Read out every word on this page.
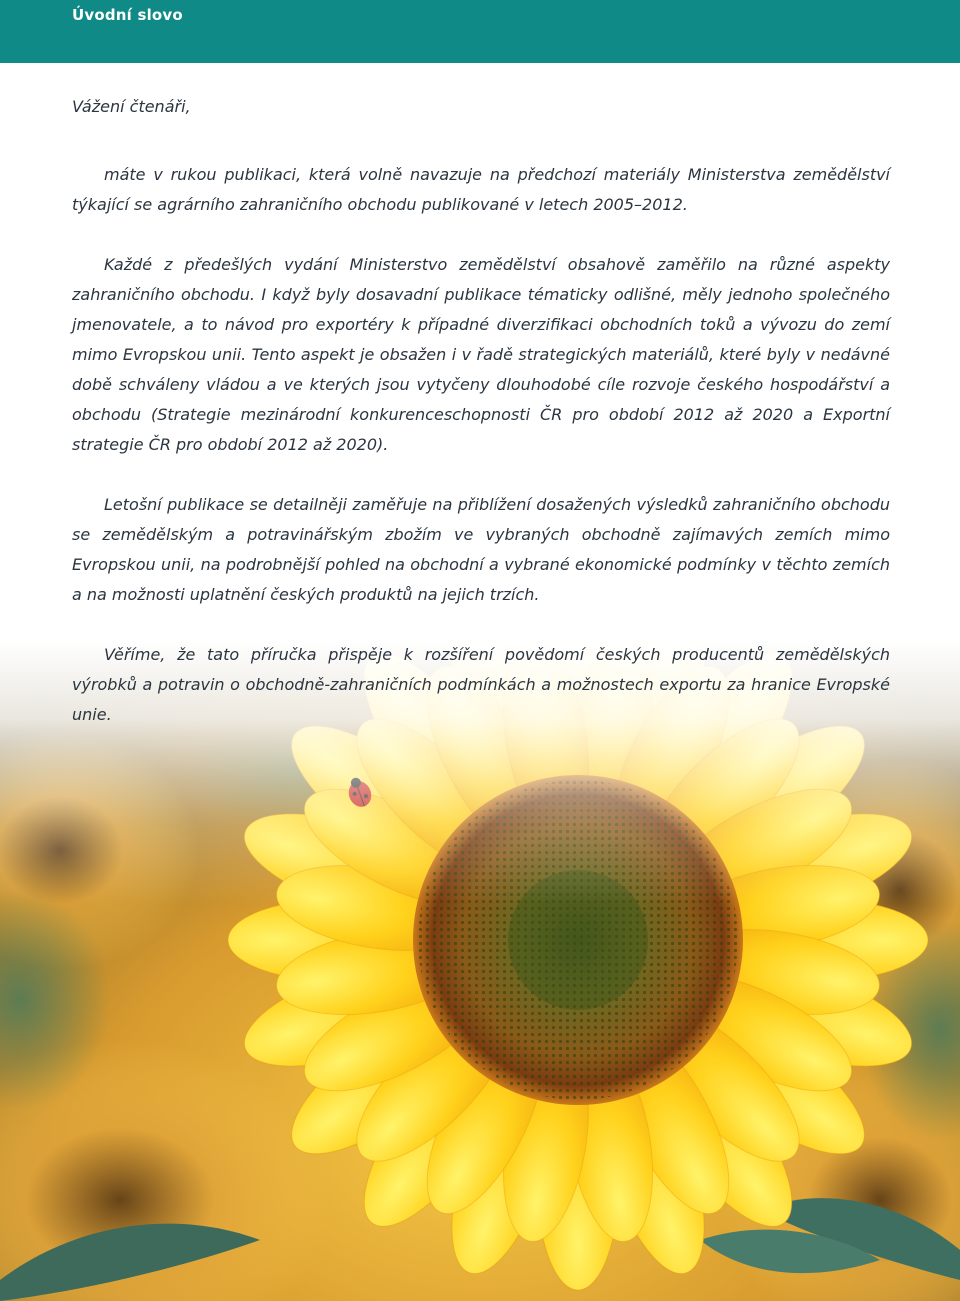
Úvodní slovo

Vážení čtenáři,

máte v rukou publikaci, která volně navazuje na předchozí materiály Ministerstva zemědělství týkající se agrárního zahraničního obchodu publikované v letech 2005–2012.

Každé z předešlých vydání Ministerstvo zemědělství obsahově zaměřilo na různé aspekty zahraničního obchodu. I když byly dosavadní publikace tématicky odlišné, měly jednoho společného jmenovatele, a to návod pro exportéry k případné diverzifikaci obchodních toků a vývozu do zemí mimo Evropskou unii. Tento aspekt je obsažen i v řadě strategických materiálů, které byly v nedávné době schváleny vládou a ve kterých jsou vytyčeny dlouhodobé cíle rozvoje českého hospodářství a obchodu (Strategie mezinárodní konkurenceschopnosti ČR pro období 2012 až 2020 a Exportní strategie ČR pro období 2012 až 2020).

Letošní publikace se detailněji zaměřuje na přiblížení dosažených výsledků zahraničního obchodu se zemědělským a potravinářským zbožím ve vybraných obchodně zajímavých zemích mimo Evropskou unii, na podrobnější pohled na obchodní a vybrané ekonomické podmínky v těchto zemích a na možnosti uplatnění českých produktů na jejich trzích.

Věříme, že tato příručka přispěje k rozšíření povědomí českých producentů zemědělských výrobků a potravin o obchodně-zahraničních podmínkách a možnostech exportu za hranice Evropské unie.
